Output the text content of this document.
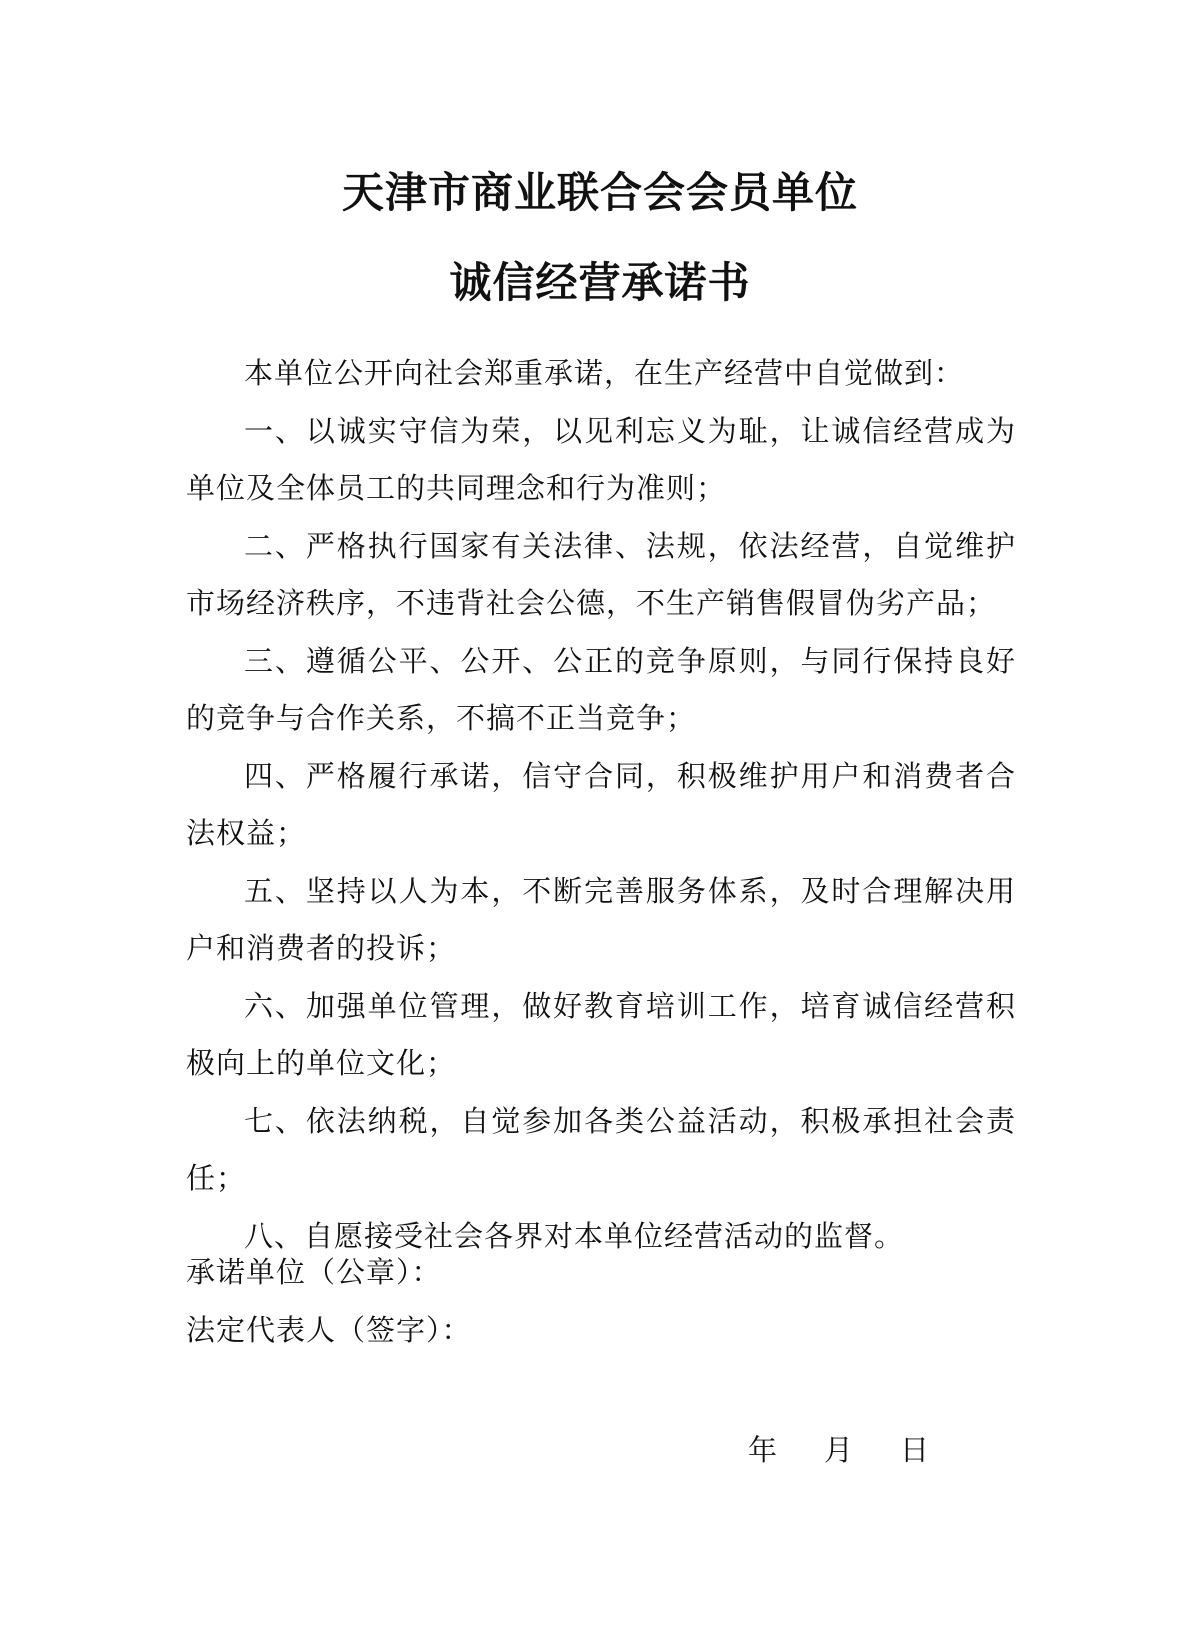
天津市商业联合会会员单位
诚信经营承诺书

本单位公开向社会郑重承诺，在生产经营中自觉做到：

一、以诚实守信为荣，以见利忘义为耻，让诚信经营成为单位及全体员工的共同理念和行为准则；

二、严格执行国家有关法律、法规，依法经营，自觉维护市场经济秩序，不违背社会公德，不生产销售假冒伪劣产品；

三、遵循公平、公开、公正的竞争原则，与同行保持良好的竞争与合作关系，不搞不正当竞争；

四、严格履行承诺，信守合同，积极维护用户和消费者合法权益；

五、坚持以人为本，不断完善服务体系，及时合理解决用户和消费者的投诉；

六、加强单位管理，做好教育培训工作，培育诚信经营积极向上的单位文化；

七、依法纳税，自觉参加各类公益活动，积极承担社会责任；

八、自愿接受社会各界对本单位经营活动的监督。

承诺单位（公章）：

法定代表人（签字）：

年	月	日
